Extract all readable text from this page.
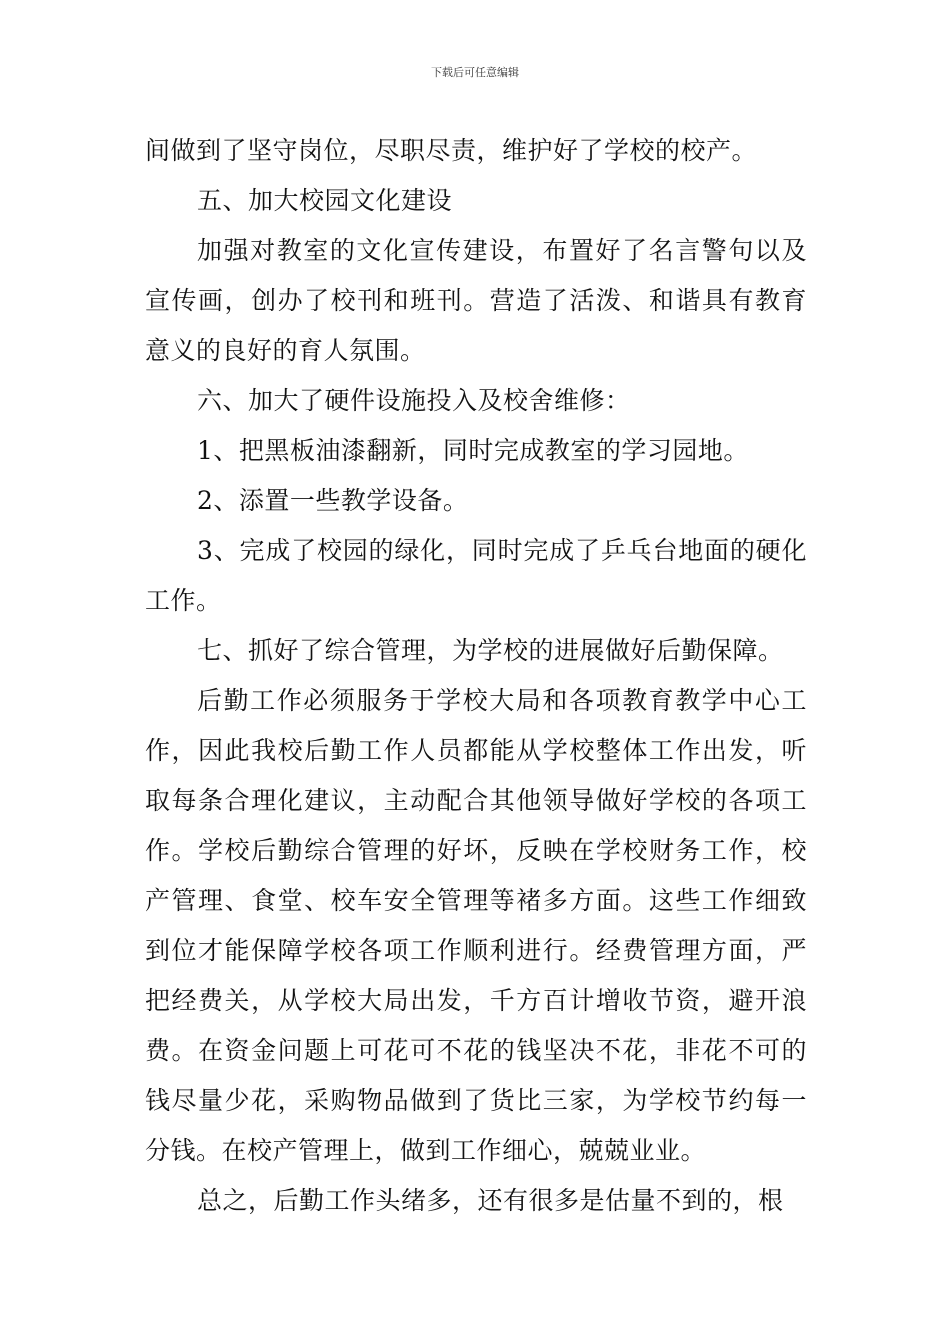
下载后可任意编辑

间做到了坚守岗位，尽职尽责，维护好了学校的校产。

五、加大校园文化建设

加强对教室的文化宣传建设，布置好了名言警句以及宣传画，创办了校刊和班刊。营造了活泼、和谐具有教育意义的良好的育人氛围。

六、加大了硬件设施投入及校舍维修：

1、把黑板油漆翻新，同时完成教室的学习园地。

2、添置一些教学设备。

3、完成了校园的绿化，同时完成了乒乓台地面的硬化工作。

七、抓好了综合管理，为学校的进展做好后勤保障。

后勤工作必须服务于学校大局和各项教育教学中心工作，因此我校后勤工作人员都能从学校整体工作出发，听取每条合理化建议，主动配合其他领导做好学校的各项工作。学校后勤综合管理的好坏，反映在学校财务工作，校产管理、食堂、校车安全管理等褚多方面。这些工作细致到位才能保障学校各项工作顺利进行。经费管理方面，严把经费关，从学校大局出发，千方百计增收节资，避开浪费。在资金问题上可花可不花的钱坚决不花，非花不可的钱尽量少花，采购物品做到了货比三家，为学校节约每一分钱。在校产管理上，做到工作细心，兢兢业业。

总之，后勤工作头绪多，还有很多是估量不到的，根
